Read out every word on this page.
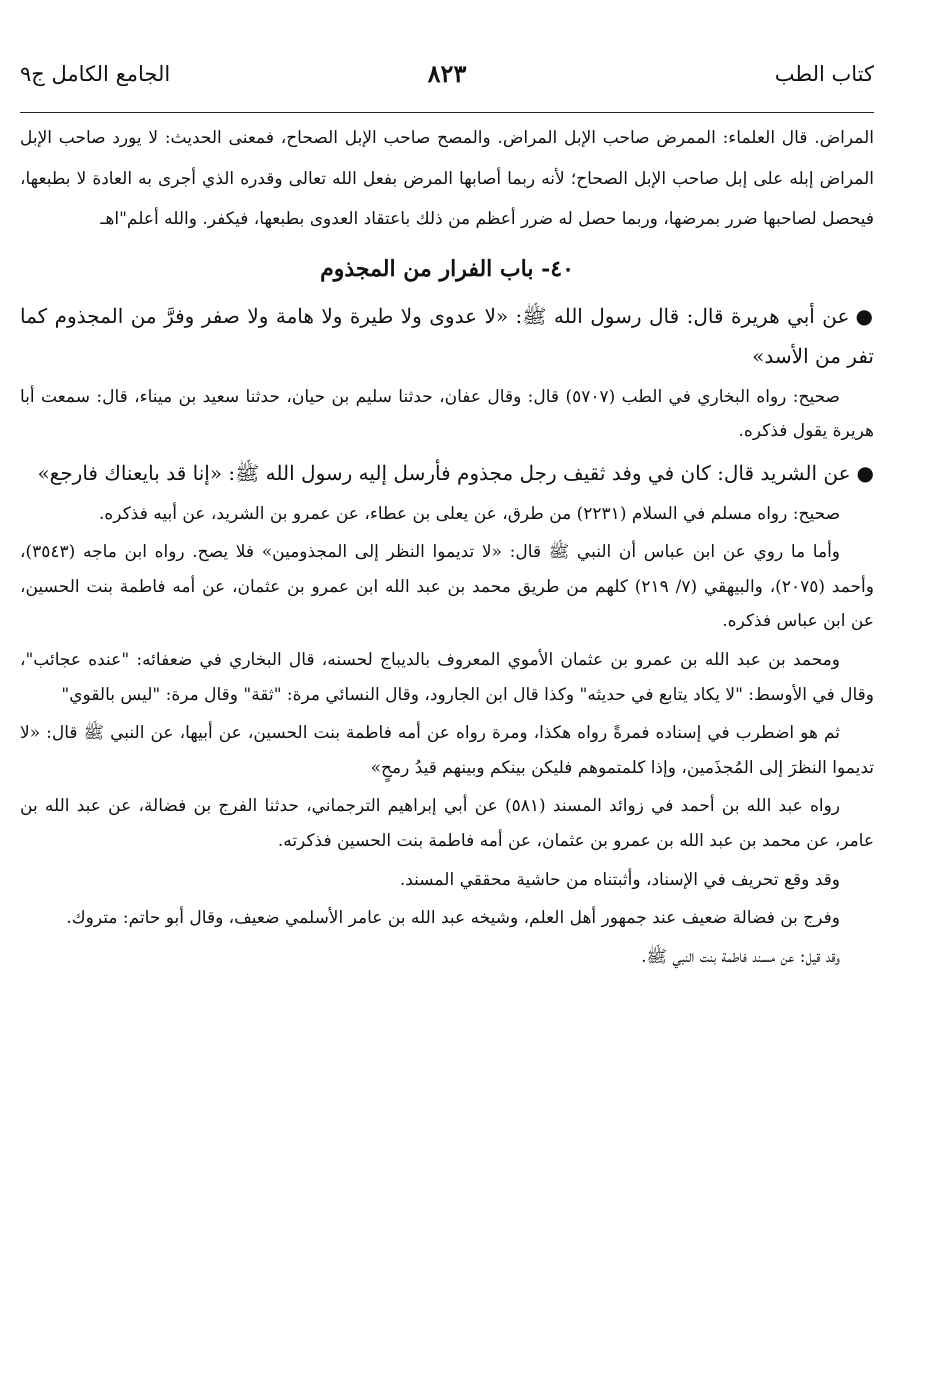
كتاب الطب
٨٢٣
الجامع الكامل ج٩

المراض. قال العلماء: الممرض صاحب الإبل المراض. والمصح صاحب الإبل الصحاح، فمعنى الحديث: لا يورد صاحب الإبل المراض إبله على إبل صاحب الإبل الصحاح؛ لأنه ربما أصابها المرض بفعل الله تعالى وقدره الذي أجرى به العادة لا بطبعها، فيحصل لصاحبها ضرر بمرضها، وربما حصل له ضرر أعظم من ذلك باعتقاد العدوى بطبعها، فيكفر. والله أعلم"اهـ

٤٠- باب الفرار من المجذوم

●عن أبي هريرة قال: قال رسول الله ﷺ: «لا عدوى ولا طيرة ولا هامة ولا صفر وفرَّ من المجذوم كما تفر من الأسد»

صحيح: رواه البخاري في الطب (٥٧٠٧) قال: وقال عفان، حدثنا سليم بن حيان، حدثنا سعيد بن ميناء، قال: سمعت أبا هريرة يقول فذكره.

●عن الشريد قال: كان في وفد ثقيف رجل مجذوم فأرسل إليه رسول الله ﷺ: «إنا قد بايعناك فارجع»

صحيح: رواه مسلم في السلام (٢٢٣١) من طرق، عن يعلى بن عطاء، عن عمرو بن الشريد، عن أبيه فذكره.

وأما ما روي عن ابن عباس أن النبي ﷺ قال: «لا تديموا النظر إلى المجذومين» فلا يصح. رواه ابن ماجه (٣٥٤٣)، وأحمد (٢٠٧٥)، والبيهقي (٧/ ٢١٩) كلهم من طريق محمد بن عبد الله ابن عمرو بن عثمان، عن أمه فاطمة بنت الحسين، عن ابن عباس فذكره.

ومحمد بن عبد الله بن عمرو بن عثمان الأموي المعروف بالديباج لحسنه، قال البخاري في ضعفائه: "عنده عجائب"، وقال في الأوسط: "لا يكاد يتابع في حديثه" وكذا قال ابن الجارود، وقال النسائي مرة: "ثقة" وقال مرة: "ليس بالقوي"

ثم هو اضطرب في إسناده فمرةً رواه هكذا، ومرة رواه عن أمه فاطمة بنت الحسين، عن أبيها، عن النبي ﷺ قال: «لا تديموا النظرَ إلى المُجذَمين، وإذا كلمتموهم فليكن بينكم وبينهم قيدُ رمحٍ»

رواه عبد الله بن أحمد في زوائد المسند (٥٨١) عن أبي إبراهيم الترجماني، حدثنا الفرج بن فضالة، عن عبد الله بن عامر، عن محمد بن عبد الله بن عمرو بن عثمان، عن أمه فاطمة بنت الحسين فذكرته.

وقد وقع تحريف في الإسناد، وأثبتناه من حاشية محققي المسند.

وفرج بن فضالة ضعيف عند جمهور أهل العلم، وشيخه عبد الله بن عامر الأسلمي ضعيف، وقال أبو حاتم: متروك.

وقد قيل: عن مسند فاطمة بنت النبي ﷺ.
